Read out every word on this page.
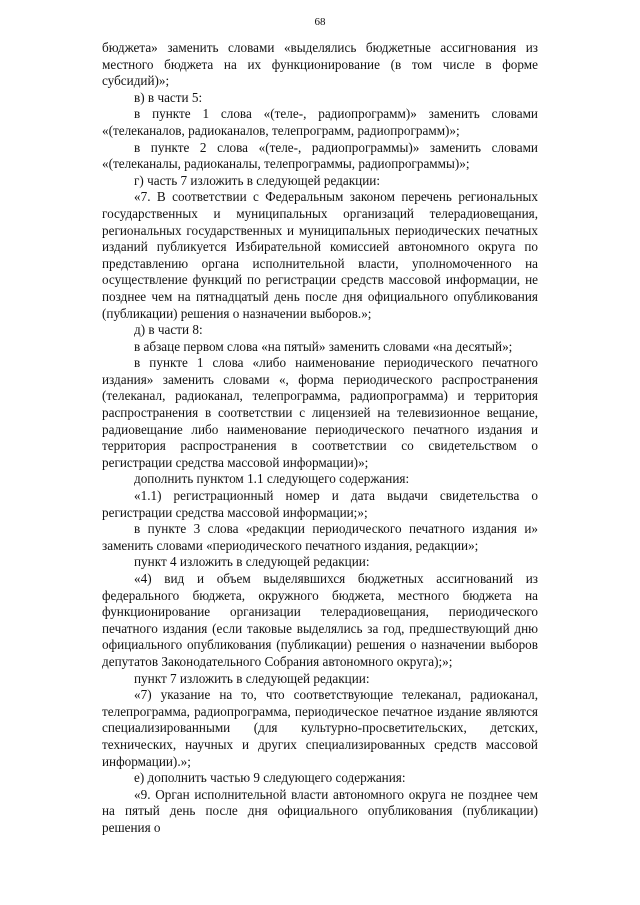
68

бюджета» заменить словами «выделялись бюджетные ассигнования из местного бюджета на их функционирование (в том числе в форме субсидий)»;

в) в части 5:

в пункте 1 слова «(теле-, радиопрограмм)» заменить словами «(телеканалов, радиоканалов, телепрограмм, радиопрограмм)»;

в пункте 2 слова «(теле-, радиопрограммы)» заменить словами «(телеканалы, радиоканалы, телепрограммы, радиопрограммы)»;

г) часть 7 изложить в следующей редакции:

«7. В соответствии с Федеральным законом перечень региональных государственных и муниципальных организаций телерадиовещания, региональных государственных и муниципальных периодических печатных изданий публикуется Избирательной комиссией автономного округа по представлению органа исполнительной власти, уполномоченного на осуществление функций по регистрации средств массовой информации, не позднее чем на пятнадцатый день после дня официального опубликования (публикации) решения о назначении выборов.»;

д) в части 8:

в абзаце первом слова «на пятый» заменить словами «на десятый»;

в пункте 1 слова «либо наименование периодического печатного издания» заменить словами «, форма периодического распространения (телеканал, радиоканал, телепрограмма, радиопрограмма) и территория распространения в соответствии с лицензией на телевизионное вещание, радиовещание либо наименование периодического печатного издания и территория распространения в соответствии со свидетельством о регистрации средства массовой информации)»;

дополнить пунктом 1.1 следующего содержания:

«1.1) регистрационный номер и дата выдачи свидетельства о регистрации средства массовой информации;»;

в пункте 3 слова «редакции периодического печатного издания и» заменить словами «периодического печатного издания, редакции»;

пункт 4 изложить в следующей редакции:

«4) вид и объем выделявшихся бюджетных ассигнований из федерального бюджета, окружного бюджета, местного бюджета на функционирование организации телерадиовещания, периодического печатного издания (если таковые выделялись за год, предшествующий дню официального опубликования (публикации) решения о назначении выборов депутатов Законодательного Собрания автономного округа);»;

пункт 7 изложить в следующей редакции:

«7) указание на то, что соответствующие телеканал, радиоканал, телепрограмма, радиопрограмма, периодическое печатное издание являются специализированными (для культурно-просветительских, детских, технических, научных и других специализированных средств массовой информации).»;

е) дополнить частью 9 следующего содержания:

«9. Орган исполнительной власти автономного округа не позднее чем на пятый день после дня официального опубликования (публикации) решения о
